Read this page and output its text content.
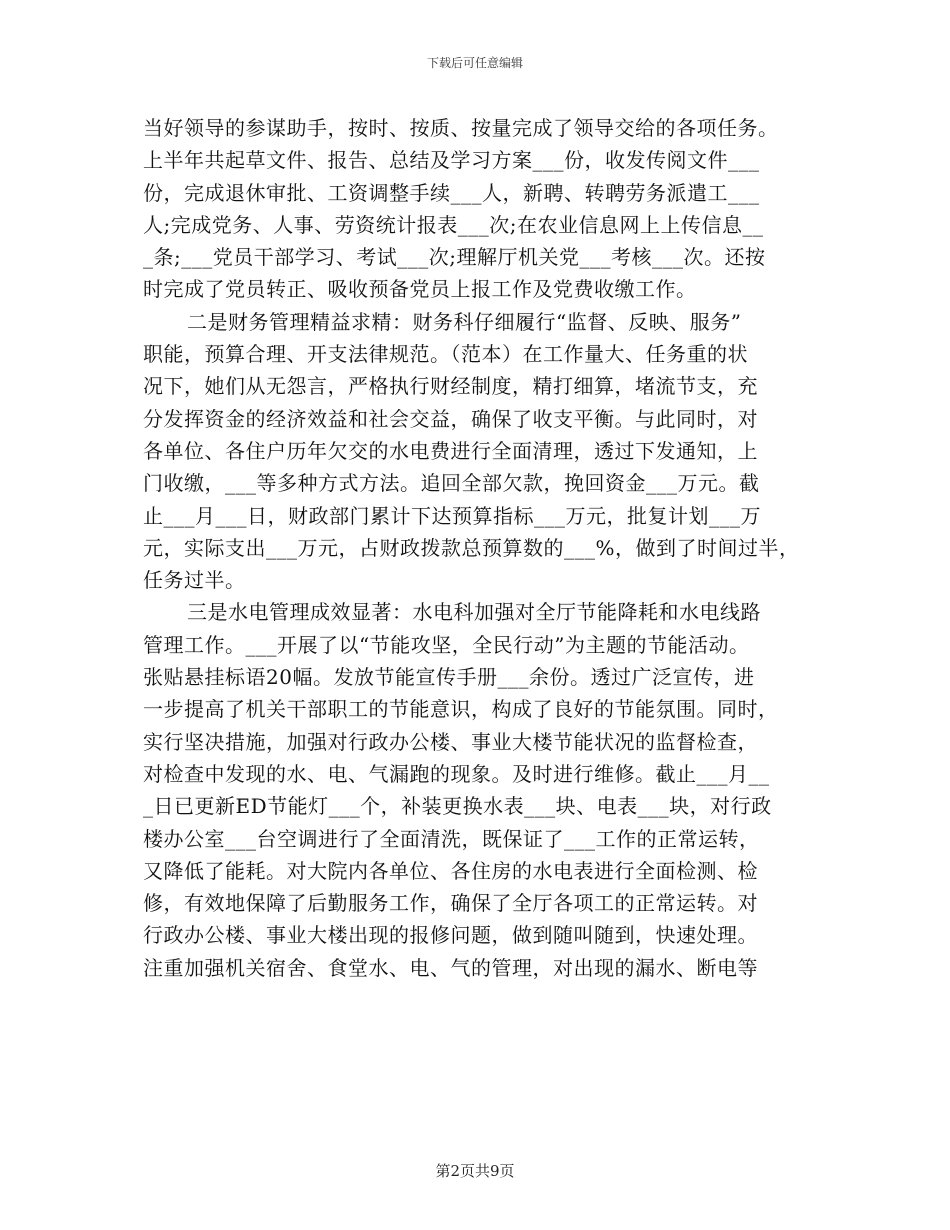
下载后可任意编辑
当好领导的参谋助手，按时、按质、按量完成了领导交给的各项任务。
上半年共起草文件、报告、总结及学习方案___份，收发传阅文件___
份，完成退休审批、工资调整手续___人，新聘、转聘劳务派遣工___
人;完成党务、人事、劳资统计报表___次;在农业信息网上上传信息__
_条;___党员干部学习、考试___次;理解厅机关党___考核___次。还按
时完成了党员转正、吸收预备党员上报工作及党费收缴工作。
二是财务管理精益求精：财务科仔细履行“监督、反映、服务”
职能，预算合理、开支法律规范。（范本）在工作量大、任务重的状
况下，她们从无怨言，严格执行财经制度，精打细算，堵流节支，充
分发挥资金的经济效益和社会交益，确保了收支平衡。与此同时，对
各单位、各住户历年欠交的水电费进行全面清理，透过下发通知，上
门收缴，___等多种方式方法。追回全部欠款，挽回资金___万元。截
止___月___日，财政部门累计下达预算指标___万元，批复计划___万
元，实际支出___万元，占财政拨款总预算数的___%，做到了时间过半，
任务过半。
三是水电管理成效显著：水电科加强对全厅节能降耗和水电线路
管理工作。___开展了以“节能攻坚，全民行动”为主题的节能活动。
张贴悬挂标语20幅。发放节能宣传手册___余份。透过广泛宣传，进
一步提高了机关干部职工的节能意识，构成了良好的节能氛围。同时，
实行坚决措施，加强对行政办公楼、事业大楼节能状况的监督检查，
对检查中发现的水、电、气漏跑的现象。及时进行维修。截止___月__
_日已更新ED节能灯___个，补装更换水表___块、电表___块，对行政
楼办公室___台空调进行了全面清洗，既保证了___工作的正常运转，
又降低了能耗。对大院内各单位、各住房的水电表进行全面检测、检
修，有效地保障了后勤服务工作，确保了全厅各项工的正常运转。对
行政办公楼、事业大楼出现的报修问题，做到随叫随到，快速处理。
注重加强机关宿舍、食堂水、电、气的管理，对出现的漏水、断电等
第2页共9页
